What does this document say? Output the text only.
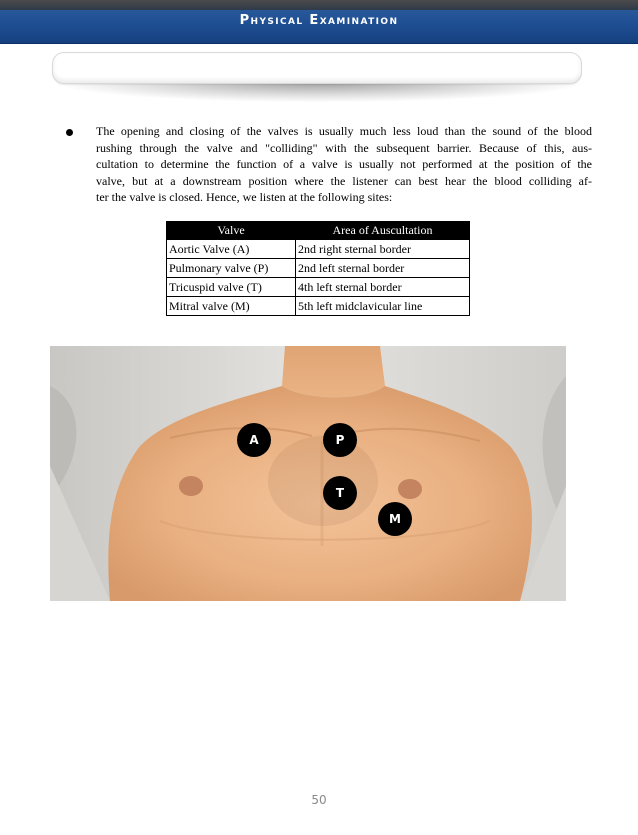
Physical Examination
The opening and closing of the valves is usually much less loud than the sound of the blood
rushing through the valve and "colliding" with the subsequent barrier. Because of this, aus-
cultation to determine the function of a valve is usually not performed at the position of the
valve, but at a downstream position where the listener can best hear the blood colliding af-
ter the valve is closed. Hence, we listen at the following sites:
Valve	Area of Auscultation
Aortic Valve (A)	2nd right sternal border
Pulmonary valve (P)	2nd left sternal border
Tricuspid valve (T)	4th left sternal border
Mitral valve (M)	5th left midclavicular line
A	P
T
M
50
